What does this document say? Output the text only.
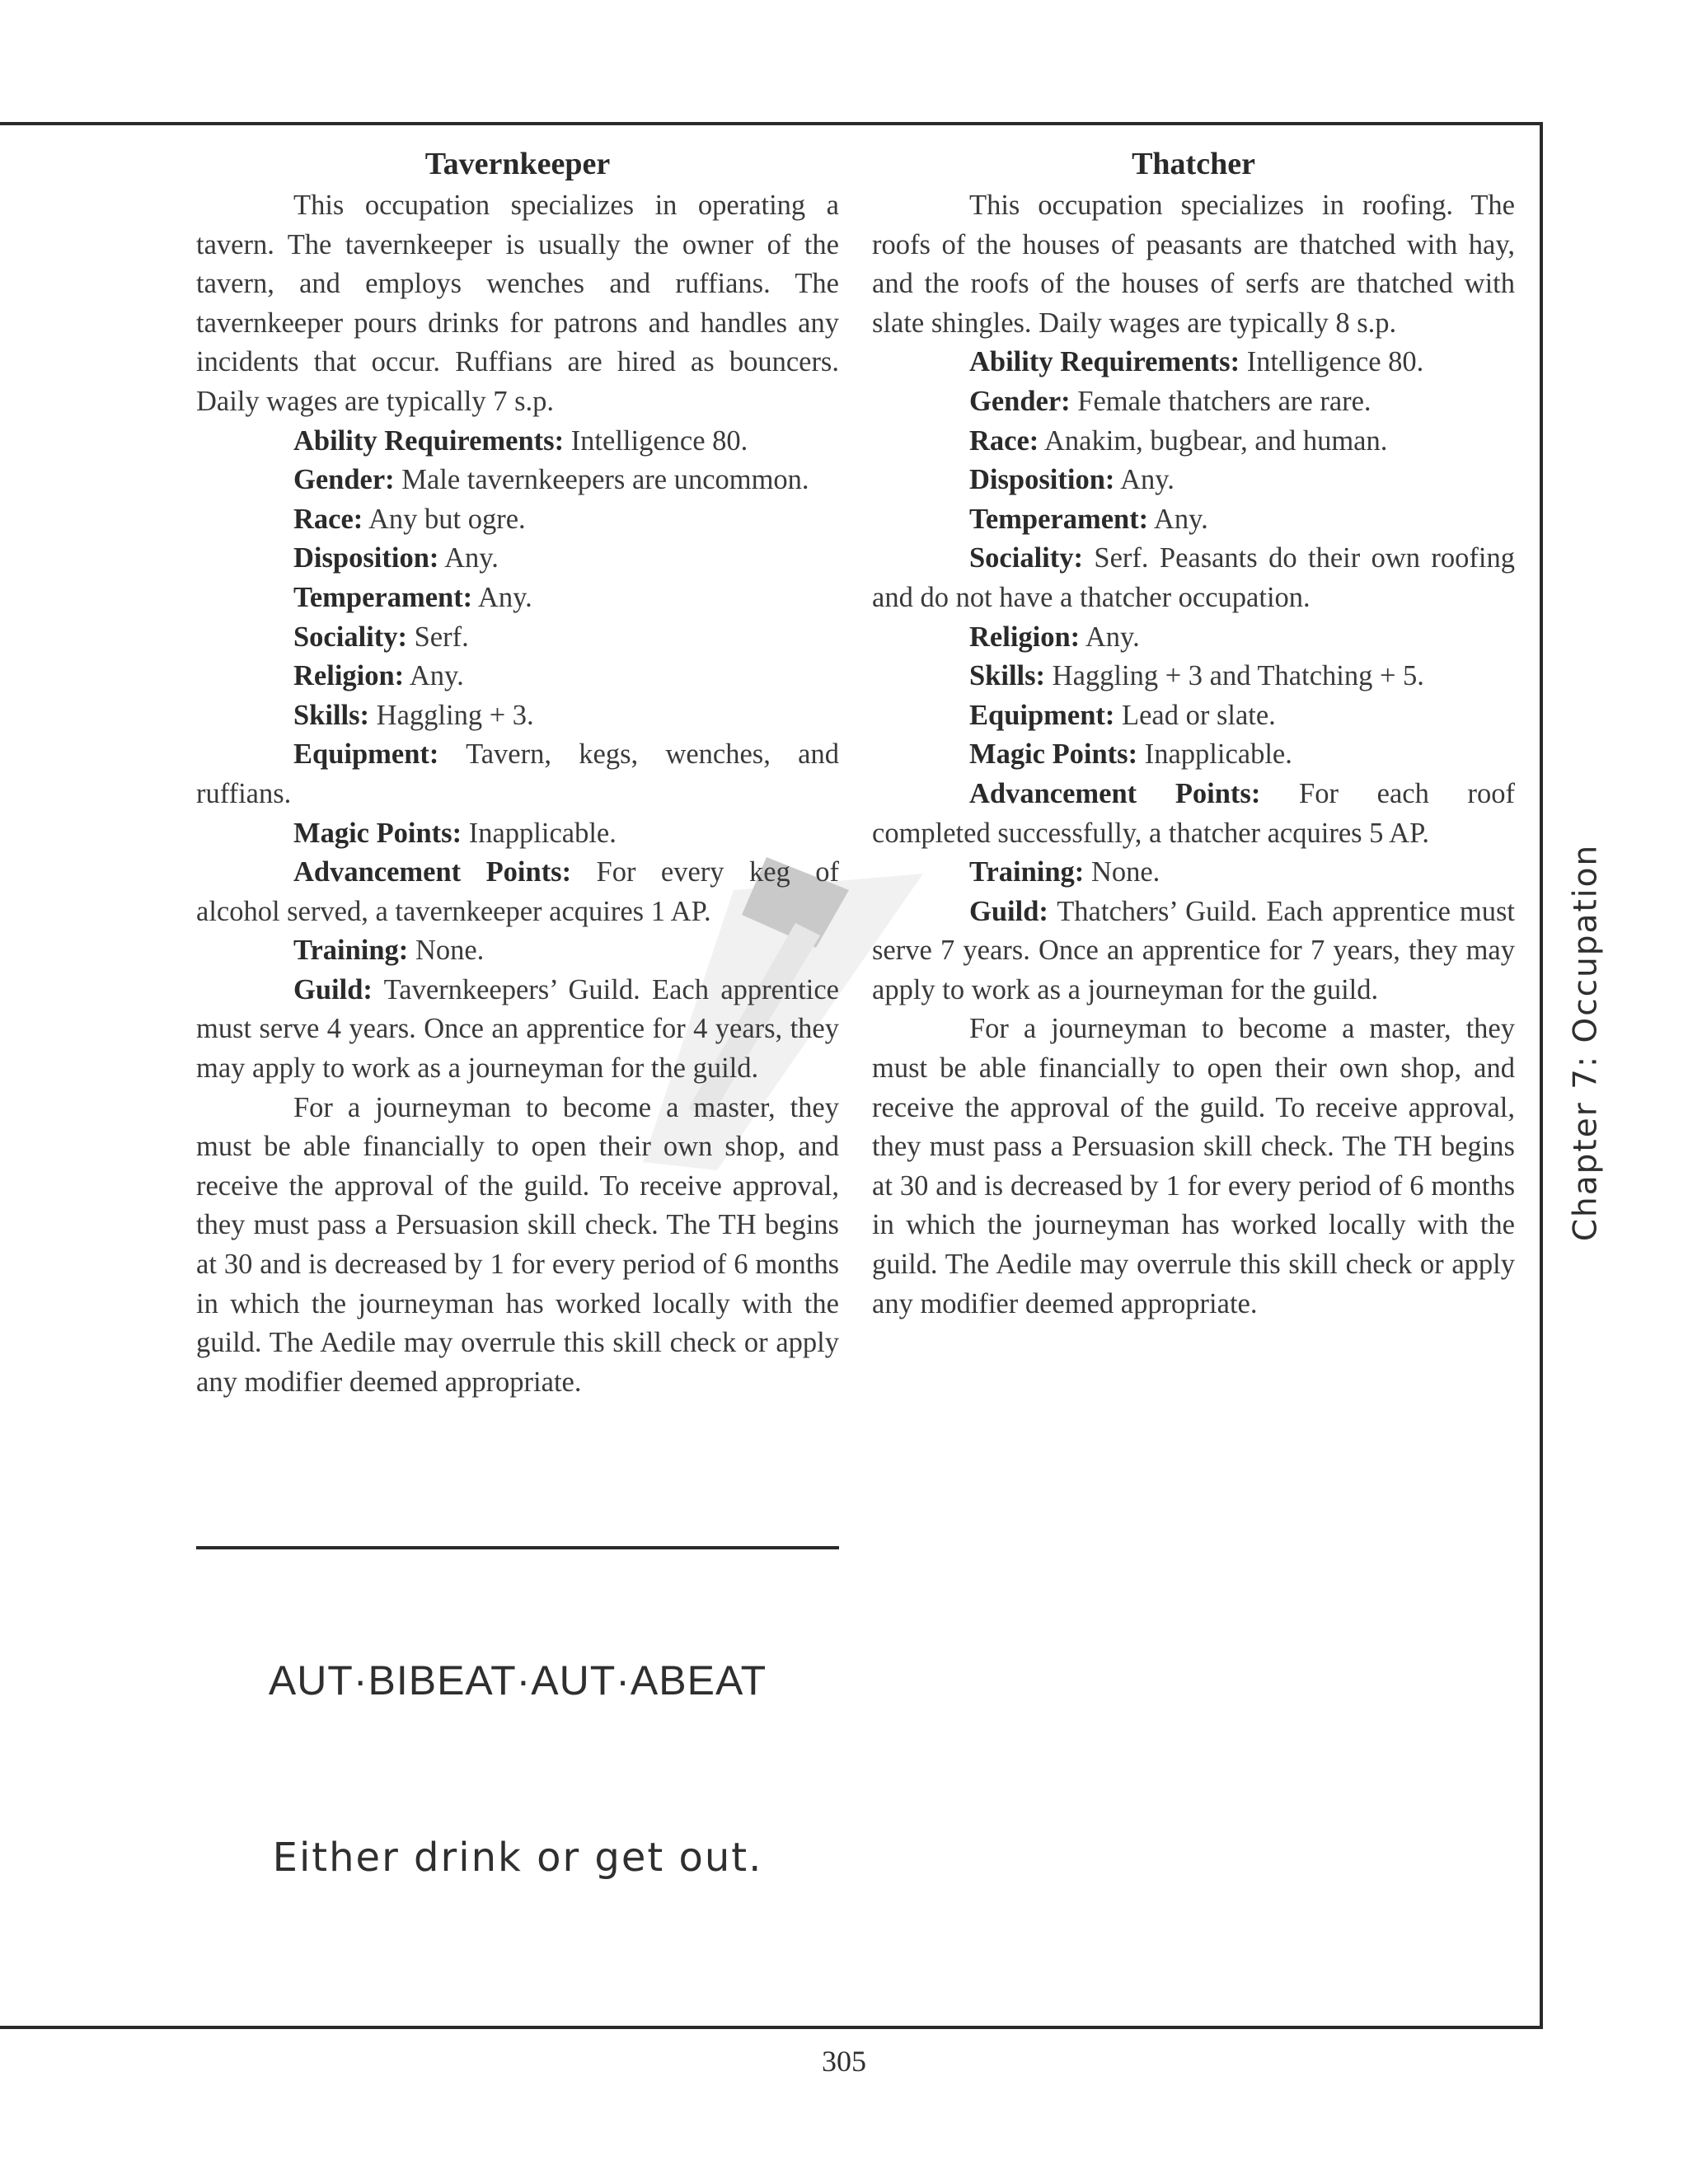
Tavernkeeper

This occupation specializes in operating a tavern. The tavernkeeper is usually the owner of the tavern, and employs wenches and ruffians. The tavernkeeper pours drinks for patrons and handles any incidents that occur. Ruffians are hired as bouncers. Daily wages are typically 7 s.p.

Ability Requirements: Intelligence 80.

Gender: Male tavernkeepers are uncommon.

Race: Any but ogre.

Disposition: Any.

Temperament: Any.

Sociality: Serf.

Religion: Any.

Skills: Haggling + 3.

Equipment: Tavern, kegs, wenches, and ruffians.

Magic Points: Inapplicable.

Advancement Points: For every keg of alcohol served, a tavernkeeper acquires 1 AP.

Training: None.

Guild: Tavernkeepers’ Guild. Each apprentice must serve 4 years. Once an apprentice for 4 years, they may apply to work as a journeyman for the guild.

For a journeyman to become a master, they must be able financially to open their own shop, and receive the approval of the guild. To receive approval, they must pass a Persuasion skill check. The TH begins at 30 and is decreased by 1 for every period of 6 months in which the journeyman has worked locally with the guild. The Aedile may overrule this skill check or apply any modifier deemed appropriate.

Thatcher

This occupation specializes in roofing. The roofs of the houses of peasants are thatched with hay, and the roofs of the houses of serfs are thatched with slate shingles. Daily wages are typically 8 s.p.

Ability Requirements: Intelligence 80.

Gender: Female thatchers are rare.

Race: Anakim, bugbear, and human.

Disposition: Any.

Temperament: Any.

Sociality: Serf. Peasants do their own roofing and do not have a thatcher occupation.

Religion: Any.

Skills: Haggling + 3 and Thatching + 5.

Equipment: Lead or slate.

Magic Points: Inapplicable.

Advancement Points: For each roof completed successfully, a thatcher acquires 5 AP.

Training: None.

Guild: Thatchers’ Guild. Each apprentice must serve 7 years. Once an apprentice for 7 years, they may apply to work as a journeyman for the guild.

For a journeyman to become a master, they must be able financially to open their own shop, and receive the approval of the guild. To receive approval, they must pass a Persuasion skill check. The TH begins at 30 and is decreased by 1 for every period of 6 months in which the journeyman has worked locally with the guild. The Aedile may overrule this skill check or apply any modifier deemed appropriate.

AUT·BIBEAT·AUT·ABEAT
Either drink or get out.
Chapter 7: Occupation
305
